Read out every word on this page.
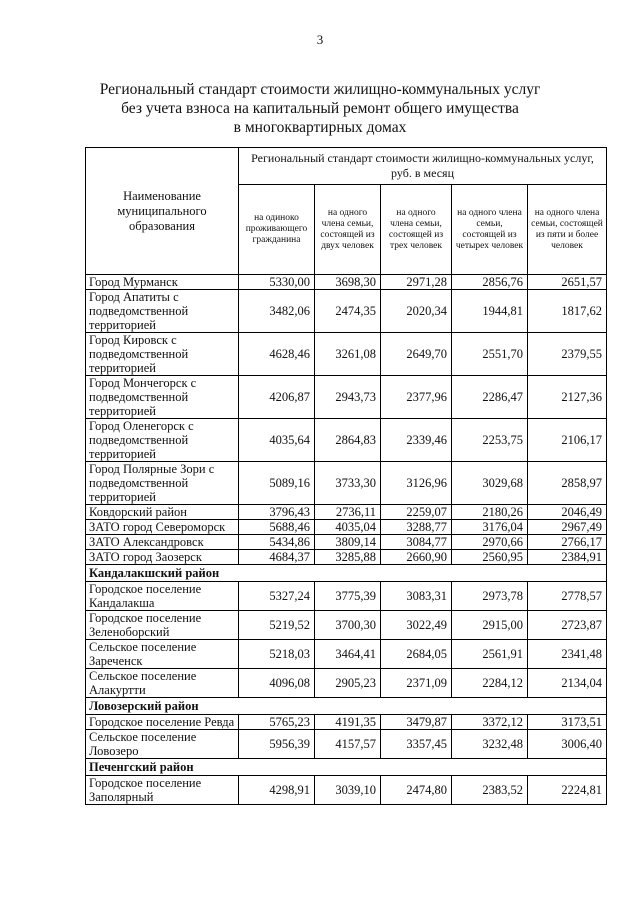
3
Региональный стандарт стоимости жилищно-коммунальных услуг
без учета взноса на капитальный ремонт общего имущества
в многоквартирных домах
Наименование муниципального образования	Региональный стандарт стоимости жилищно-коммунальных услуг, руб. в месяц				
	на одиноко проживающего гражданина	на одного члена семьи, состоящей из двух человек	на одного члена семьи, состоящей из трех человек	на одного члена семьи, состоящей из четырех человек	на одного члена семьи, состоящей из пяти и более человек
Город Мурманск	5330,00	3698,30	2971,28	2856,76	2651,57
Город Апатиты с подведомственной территорией	3482,06	2474,35	2020,34	1944,81	1817,62
Город Кировск с подведомственной территорией	4628,46	3261,08	2649,70	2551,70	2379,55
Город Мончегорск с подведомственной территорией	4206,87	2943,73	2377,96	2286,47	2127,36
Город Оленегорск с подведомственной территорией	4035,64	2864,83	2339,46	2253,75	2106,17
Город Полярные Зори с подведомственной территорией	5089,16	3733,30	3126,96	3029,68	2858,97
Ковдорский район	3796,43	2736,11	2259,07	2180,26	2046,49
ЗАТО город Североморск	5688,46	4035,04	3288,77	3176,04	2967,49
ЗАТО Александровск	5434,86	3809,14	3084,77	2970,66	2766,17
ЗАТО город Заозерск	4684,37	3285,88	2660,90	2560,95	2384,91
Кандалакшский район					
Городское поселение Кандалакша	5327,24	3775,39	3083,31	2973,78	2778,57
Городское поселение Зеленоборский	5219,52	3700,30	3022,49	2915,00	2723,87
Сельское поселение Зареченск	5218,03	3464,41	2684,05	2561,91	2341,48
Сельское поселение Алакуртти	4096,08	2905,23	2371,09	2284,12	2134,04
Ловозерский район					
Городское поселение Ревда	5765,23	4191,35	3479,87	3372,12	3173,51
Сельское поселение Ловозеро	5956,39	4157,57	3357,45	3232,48	3006,40
Печенгский район					
Городское поселение Заполярный	4298,91	3039,10	2474,80	2383,52	2224,81
